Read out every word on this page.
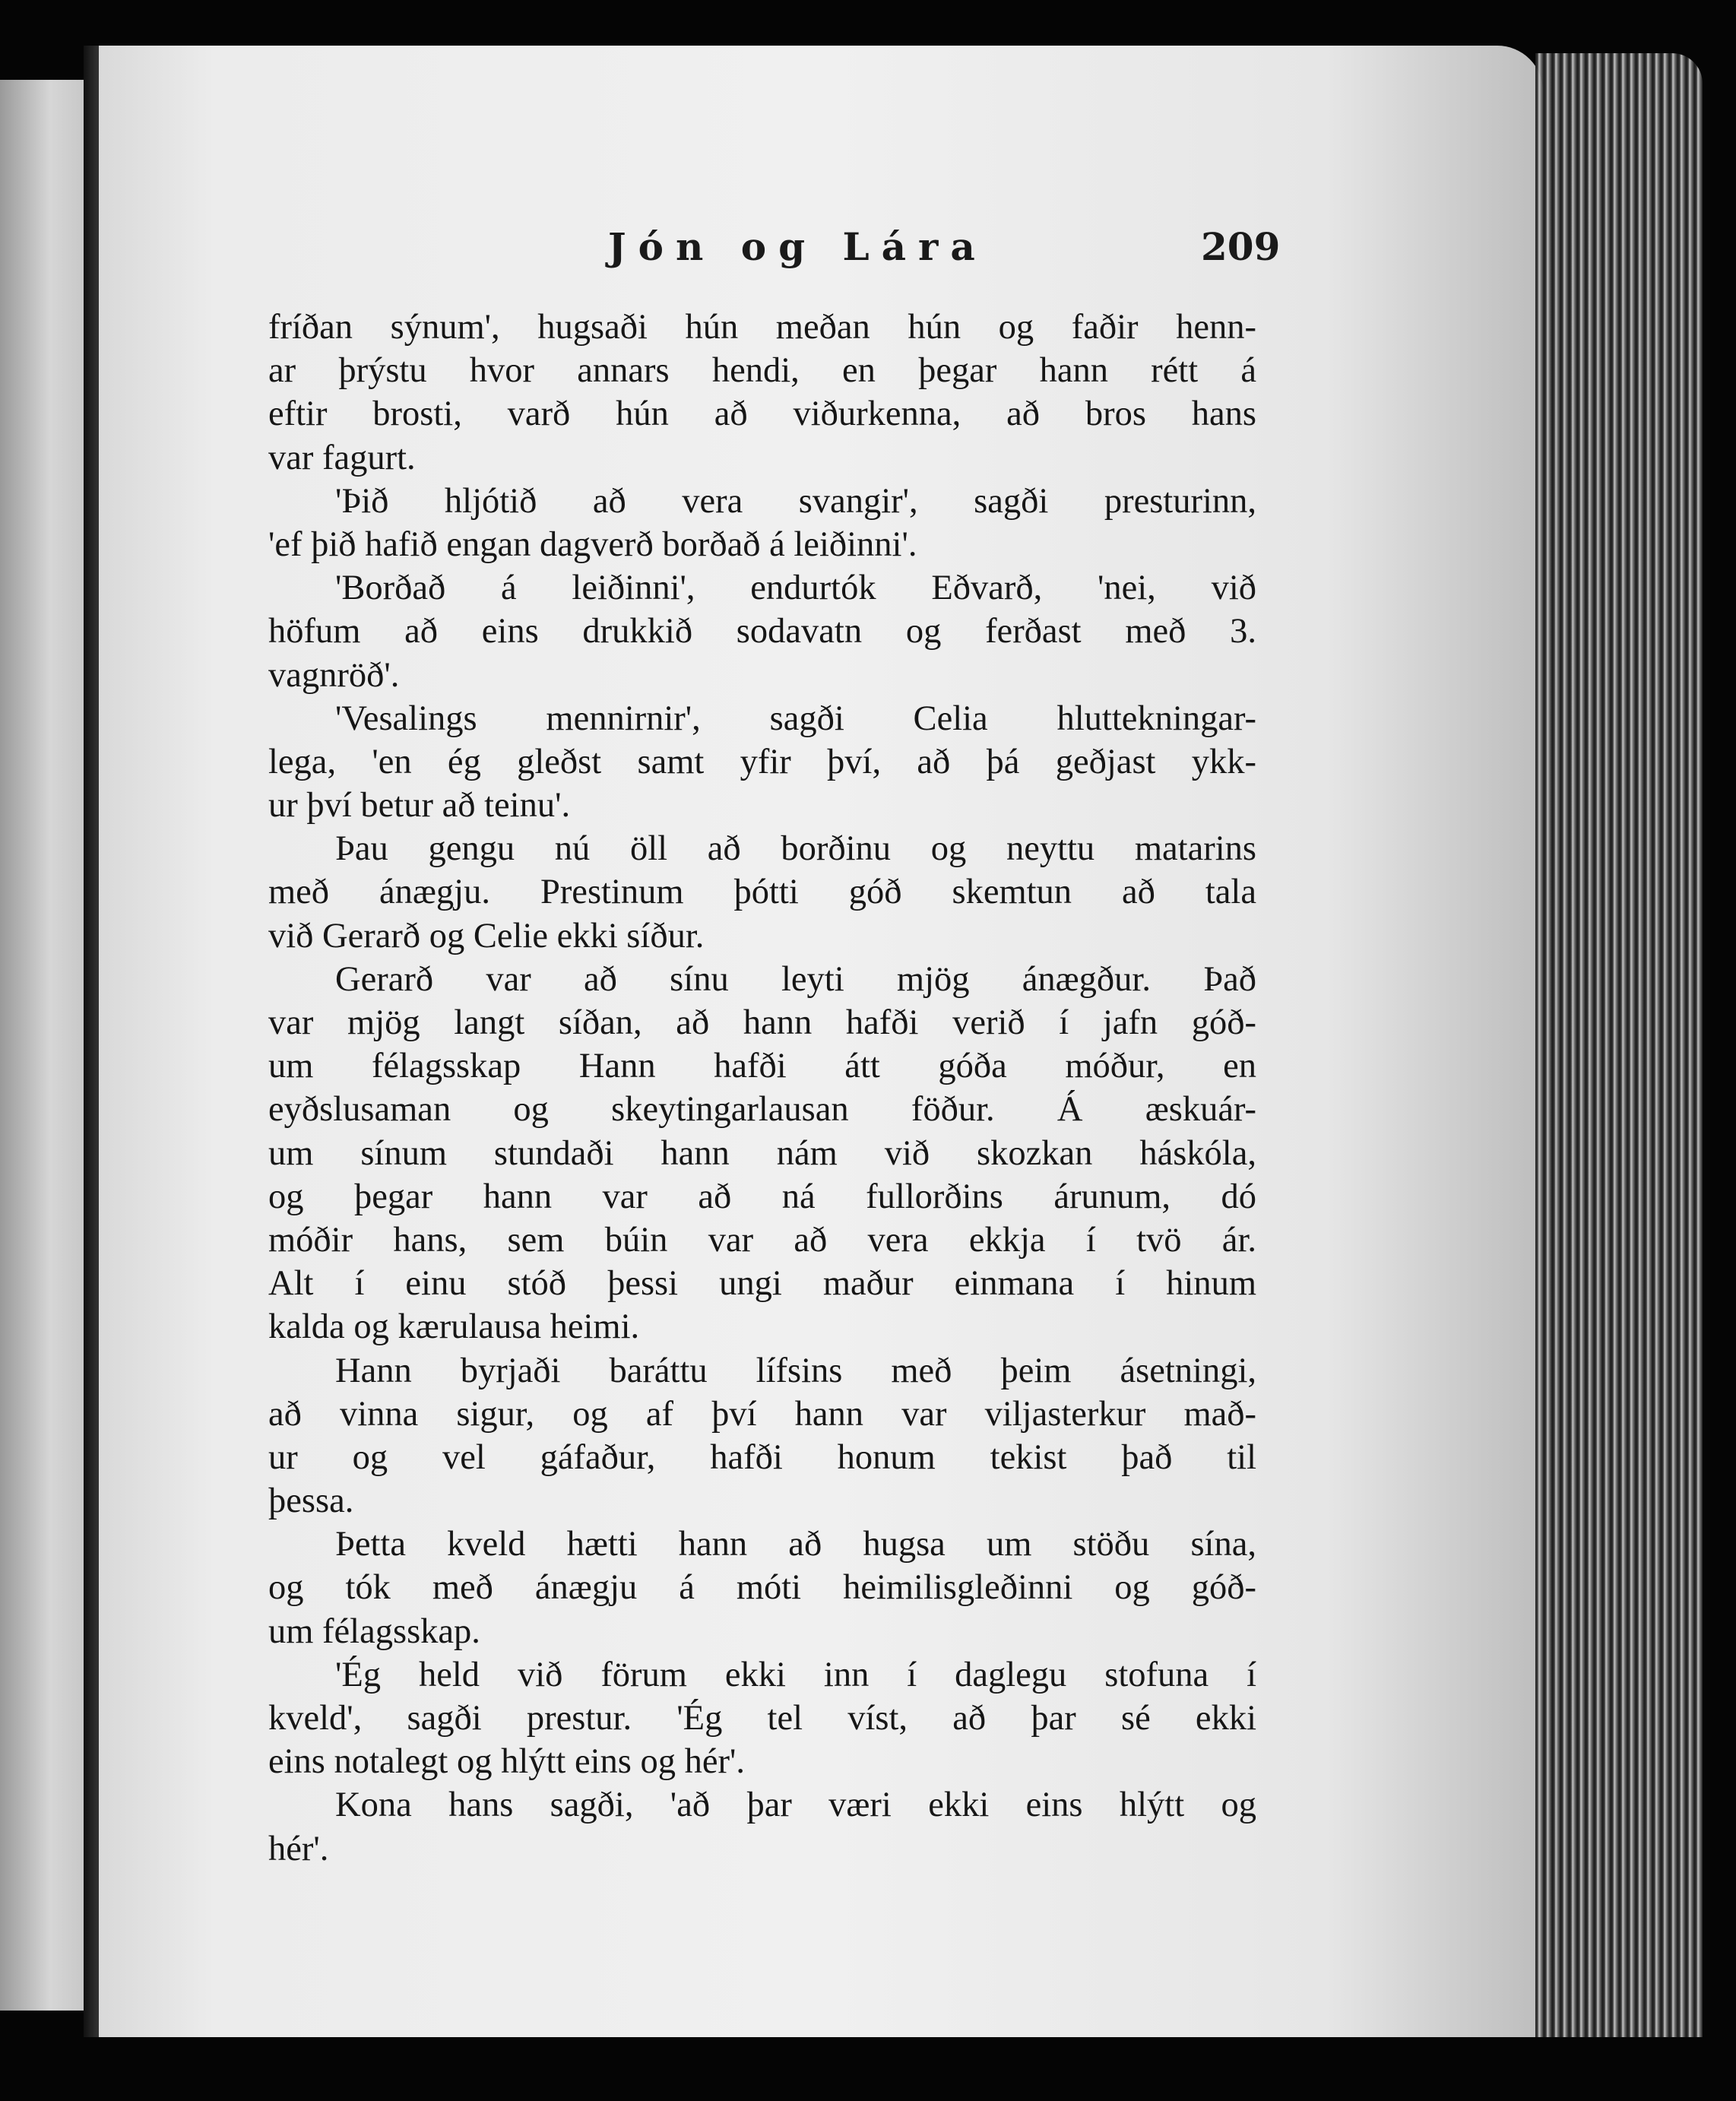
Jón og Lára	209
fríðan sýnum', hugsaði hún meðan hún og faðir henn-
ar þrýstu hvor annars hendi, en þegar hann rétt á
eftir brosti, varð hún að viðurkenna, að bros hans
var fagurt.
'Þið hljótið að vera svangir', sagði presturinn,
'ef þið hafið engan dagverð borðað á leiðinni'.
'Borðað á leiðinni', endurtók Eðvarð, 'nei, við
höfum að eins drukkið sodavatn og ferðast með 3.
vagnröð'.
'Vesalings mennirnir', sagði Celia hluttekningar-
lega, 'en ég gleðst samt yfir því, að þá geðjast ykk-
ur því betur að teinu'.
Þau gengu nú öll að borðinu og neyttu matarins
með ánægju. Prestinum þótti góð skemtun að tala
við Gerarð og Celie ekki síður.
Gerarð var að sínu leyti mjög ánægður. Það
var mjög langt síðan, að hann hafði verið í jafn góð-
um félagsskap Hann hafði átt góða móður, en
eyðslusaman og skeytingarlausan föður. Á æskuár-
um sínum stundaði hann nám við skozkan háskóla,
og þegar hann var að ná fullorðins árunum, dó
móðir hans, sem búin var að vera ekkja í tvö ár.
Alt í einu stóð þessi ungi maður einmana í hinum
kalda og kærulausa heimi.
Hann byrjaði baráttu lífsins með þeim ásetningi,
að vinna sigur, og af því hann var viljasterkur mað-
ur og vel gáfaður, hafði honum tekist það til
þessa.
Þetta kveld hætti hann að hugsa um stöðu sína,
og tók með ánægju á móti heimilisgleðinni og góð-
um félagsskap.
'Ég held við förum ekki inn í daglegu stofuna í
kveld', sagði prestur. 'Ég tel víst, að þar sé ekki
eins notalegt og hlýtt eins og hér'.
Kona hans sagði, 'að þar væri ekki eins hlýtt og
hér'.
